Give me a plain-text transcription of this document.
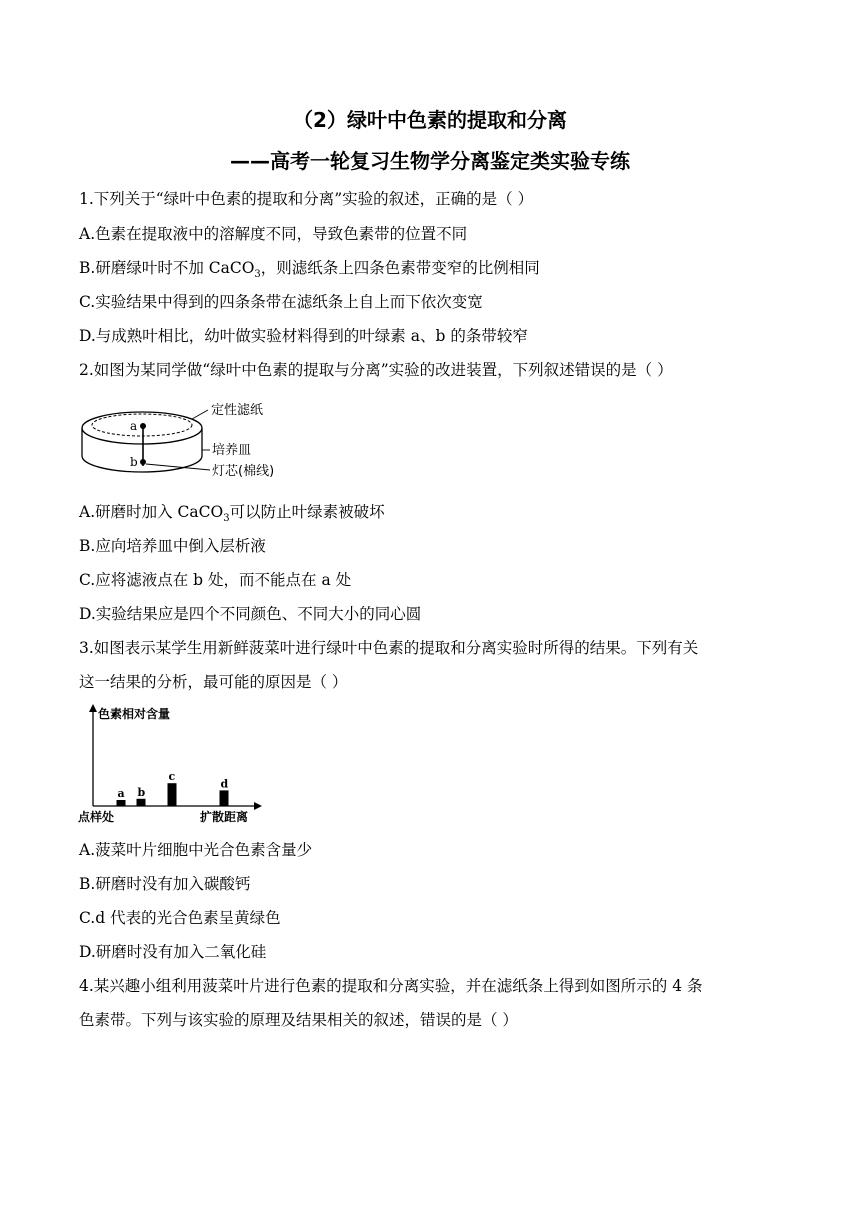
（2）绿叶中色素的提取和分离
——高考一轮复习生物学分离鉴定类实验专练
1.下列关于“绿叶中色素的提取和分离”实验的叙述，正确的是（ ）
A.色素在提取液中的溶解度不同，导致色素带的位置不同
B.研磨绿叶时不加 CaCO$_3$，则滤纸条上四条色素带变窄的比例相同
C.实验结果中得到的四条条带在滤纸条上自上而下依次变宽
D.与成熟叶相比，幼叶做实验材料得到的叶绿素 a、b 的条带较窄
2.如图为某同学做“绿叶中色素的提取与分离”实验的改进装置，下列叙述错误的是（ ）
a
b
定性滤纸
培养皿
灯芯(棉线)
A.研磨时加入 CaCO$_3$可以防止叶绿素被破坏
B.应向培养皿中倒入层析液
C.应将滤液点在 b 处，而不能点在 a 处
D.实验结果应是四个不同颜色、不同大小的同心圆
3.如图表示某学生用新鲜菠菜叶进行绿叶中色素的提取和分离实验时所得的结果。下列有关
这一结果的分析，最可能的原因是（ ）
色素相对含量
点样处	扩散距离
a b
c
d
A.菠菜叶片细胞中光合色素含量少
B.研磨时没有加入碳酸钙
C.d 代表的光合色素呈黄绿色
D.研磨时没有加入二氧化硅
4.某兴趣小组利用菠菜叶片进行色素的提取和分离实验，并在滤纸条上得到如图所示的 4 条
色素带。下列与该实验的原理及结果相关的叙述，错误的是（ ）
